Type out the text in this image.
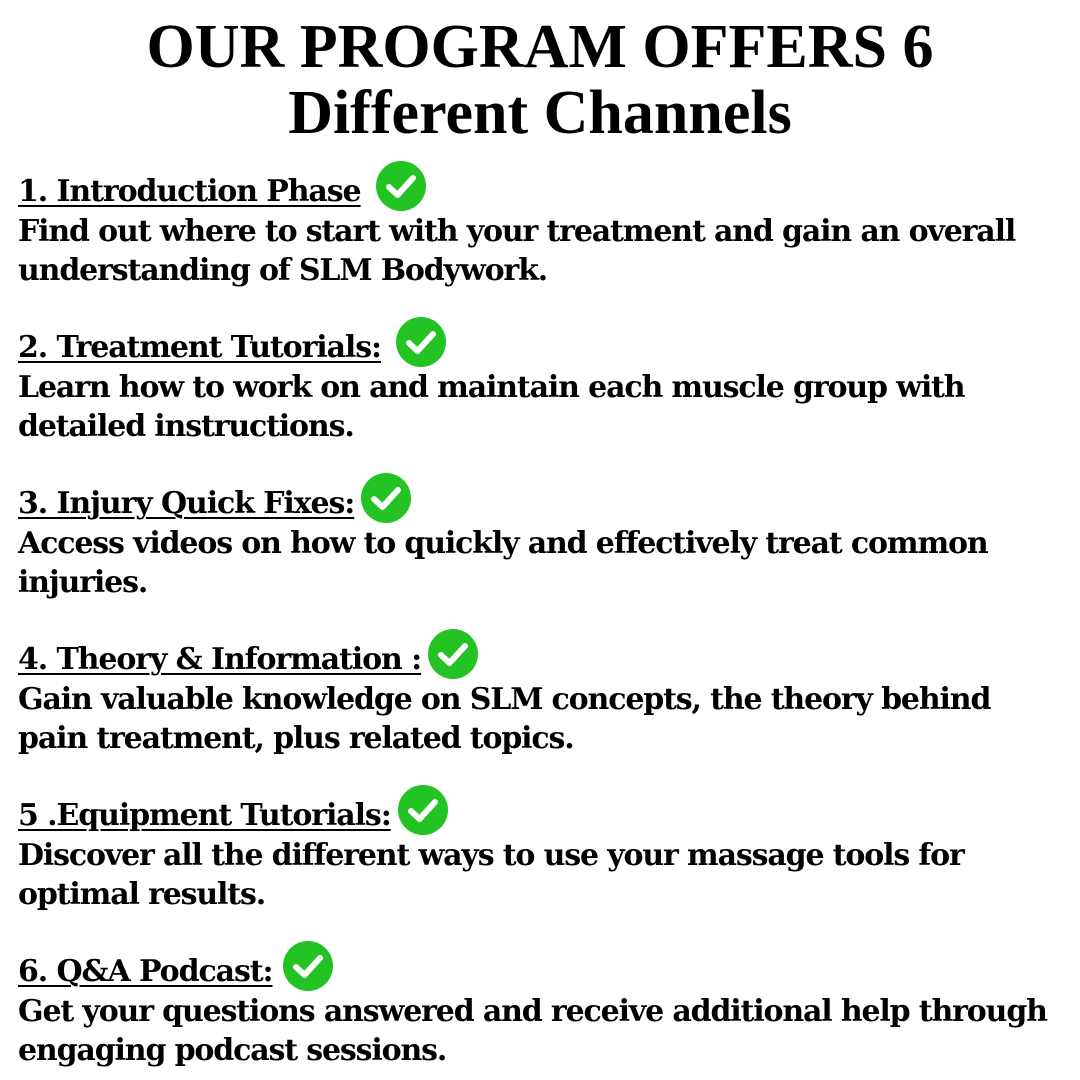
OUR PROGRAM OFFERS 6
Different Channels
1. Introduction Phase

Find out where to start with your treatment and gain an overall understanding of SLM Bodywork.

2. Treatment Tutorials:

Learn how to work on and maintain each muscle group with detailed instructions.

3. Injury Quick Fixes:

Access videos on how to quickly and effectively treat common injuries.

4. Theory & Information :

Gain valuable knowledge on SLM concepts, the theory behind pain treatment, plus related topics.

5 .Equipment Tutorials:

Discover all the different ways to use your massage tools for optimal results.

6. Q&A Podcast:

Get your questions answered and receive additional help through engaging podcast sessions.
